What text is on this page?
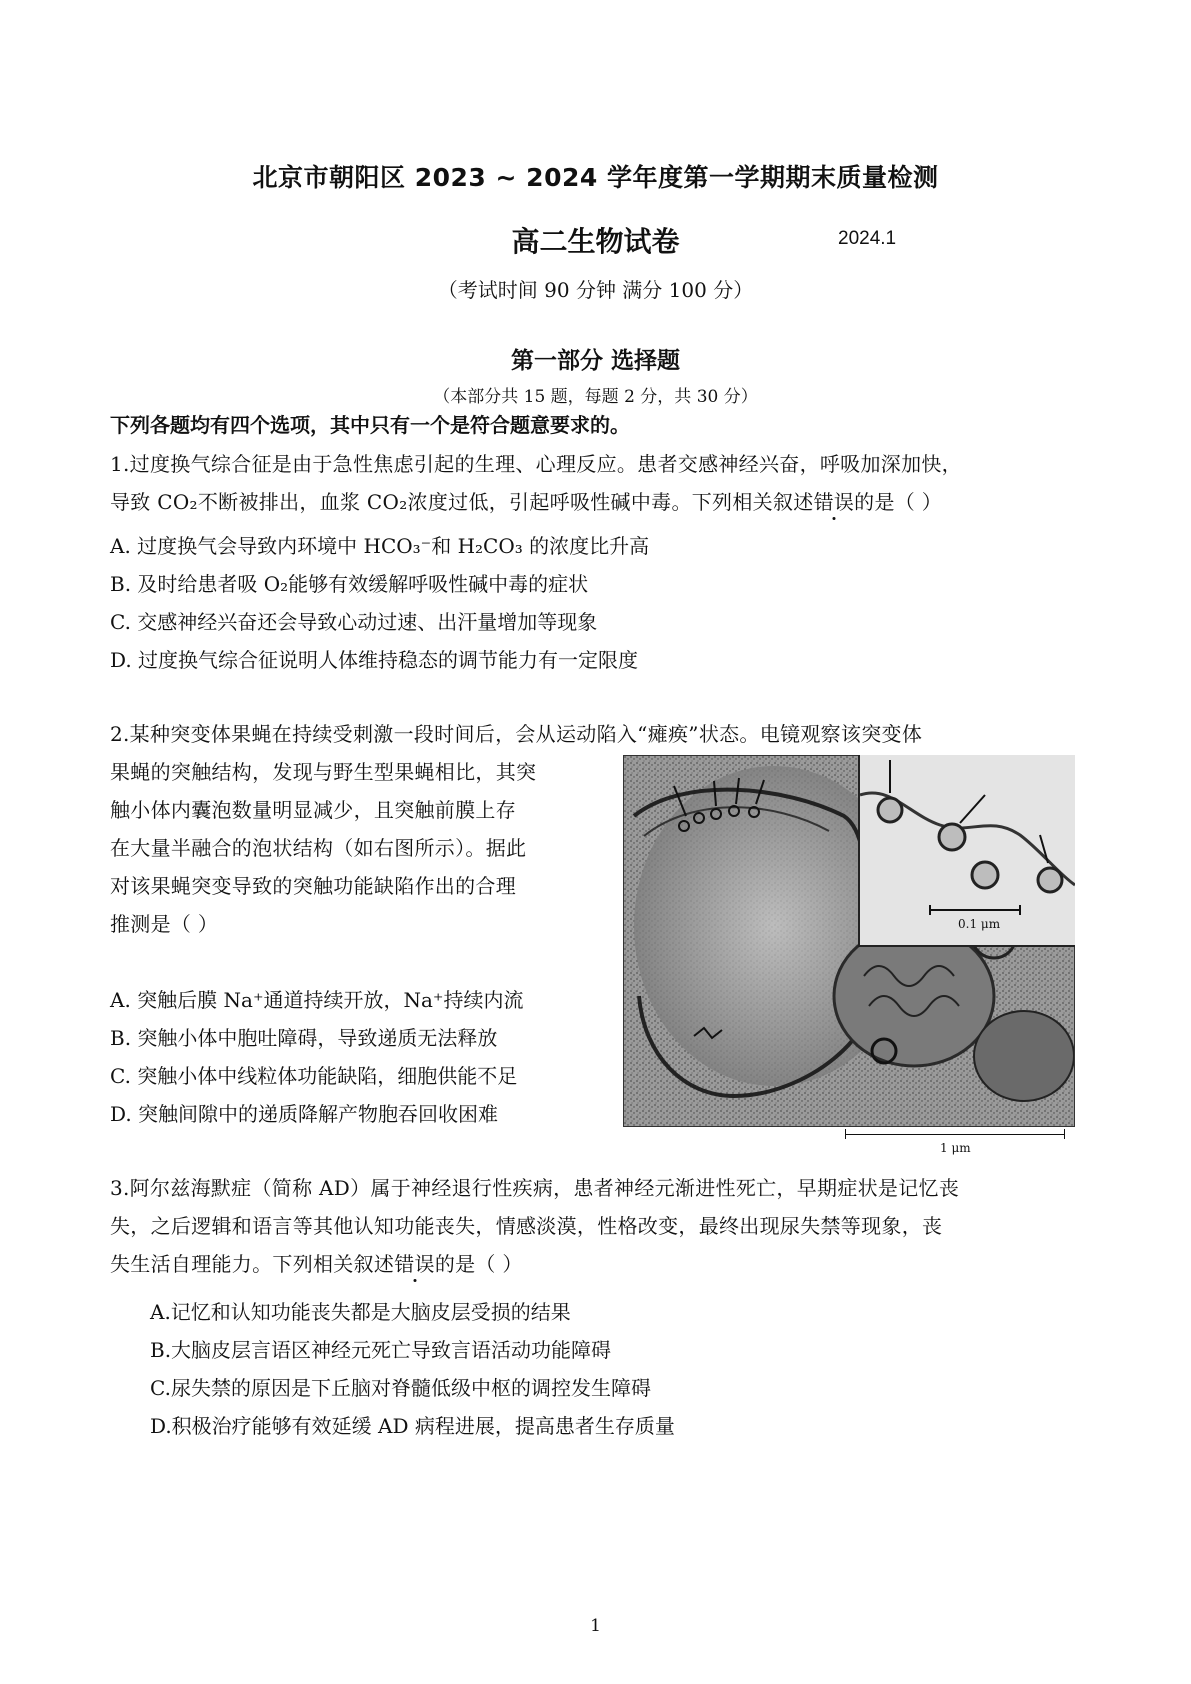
北京市朝阳区 2023 ~ 2024 学年度第一学期期末质量检测
高二生物试卷	2024.1
（考试时间 90 分钟 满分 100 分）
第一部分 选择题
（本部分共 15 题，每题 2 分，共 30 分）
下列各题均有四个选项，其中只有一个是符合题意要求的。
1.过度换气综合征是由于急性焦虑引起的生理、心理反应。患者交感神经兴奋，呼吸加深加快，
导致 CO₂不断被排出，血浆 CO₂浓度过低，引起呼吸性碱中毒。下列相关叙述错误的是（ ）
A. 过度换气会导致内环境中 HCO₃⁻和 H₂CO₃ 的浓度比升高
B. 及时给患者吸 O₂能够有效缓解呼吸性碱中毒的症状
C. 交感神经兴奋还会导致心动过速、出汗量增加等现象
D. 过度换气综合征说明人体维持稳态的调节能力有一定限度
2.某种突变体果蝇在持续受刺激一段时间后，会从运动陷入“瘫痪”状态。电镜观察该突变体
果蝇的突触结构，发现与野生型果蝇相比，其突
触小体内囊泡数量明显减少，且突触前膜上存
在大量半融合的泡状结构（如右图所示）。据此
对该果蝇突变导致的突触功能缺陷作出的合理
推测是（ ）
A. 突触后膜 Na⁺通道持续开放，Na⁺持续内流
B. 突触小体中胞吐障碍，导致递质无法释放
C. 突触小体中线粒体功能缺陷，细胞供能不足
D. 突触间隙中的递质降解产物胞吞回收困难
0.1 μm
1 μm
3.阿尔兹海默症（简称 AD）属于神经退行性疾病，患者神经元渐进性死亡，早期症状是记忆丧
失，之后逻辑和语言等其他认知功能丧失，情感淡漠，性格改变，最终出现尿失禁等现象，丧
失生活自理能力。下列相关叙述错误的是（ ）
A.记忆和认知功能丧失都是大脑皮层受损的结果
B.大脑皮层言语区神经元死亡导致言语活动功能障碍
C.尿失禁的原因是下丘脑对脊髓低级中枢的调控发生障碍
D.积极治疗能够有效延缓 AD 病程进展，提高患者生存质量
1
